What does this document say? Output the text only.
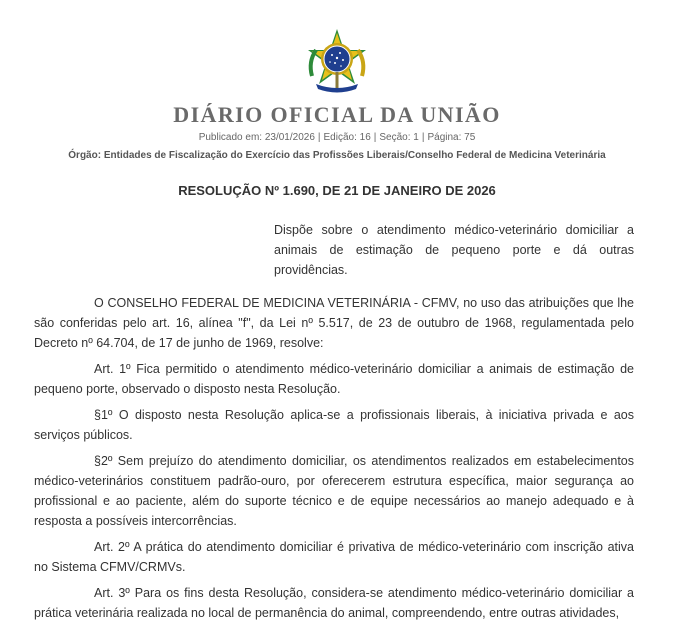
DIÁRIO OFICIAL DA UNIÃO
Publicado em: 23/01/2026 | Edição: 16 | Seção: 1 | Página: 75
Órgão: Entidades de Fiscalização do Exercício das Profissões Liberais/Conselho Federal de Medicina Veterinária
RESOLUÇÃO Nº 1.690, DE 21 DE JANEIRO DE 2026
Dispõe sobre o atendimento médico-veterinário domiciliar a animais de estimação de pequeno porte e dá outras providências.

O CONSELHO FEDERAL DE MEDICINA VETERINÁRIA - CFMV, no uso das atribuições que lhe são conferidas pelo art. 16, alínea "f", da Lei nº 5.517, de 23 de outubro de 1968, regulamentada pelo Decreto nº 64.704, de 17 de junho de 1969, resolve:

Art. 1º Fica permitido o atendimento médico-veterinário domiciliar a animais de estimação de pequeno porte, observado o disposto nesta Resolução.

§1º O disposto nesta Resolução aplica-se a profissionais liberais, à iniciativa privada e aos serviços públicos.

§2º Sem prejuízo do atendimento domiciliar, os atendimentos realizados em estabelecimentos médico-veterinários constituem padrão-ouro, por oferecerem estrutura específica, maior segurança ao profissional e ao paciente, além do suporte técnico e de equipe necessários ao manejo adequado e à resposta a possíveis intercorrências.

Art. 2º A prática do atendimento domiciliar é privativa de médico-veterinário com inscrição ativa no Sistema CFMV/CRMVs.

Art. 3º Para os fins desta Resolução, considera-se atendimento médico-veterinário domiciliar a prática veterinária realizada no local de permanência do animal, compreendendo, entre outras atividades,
